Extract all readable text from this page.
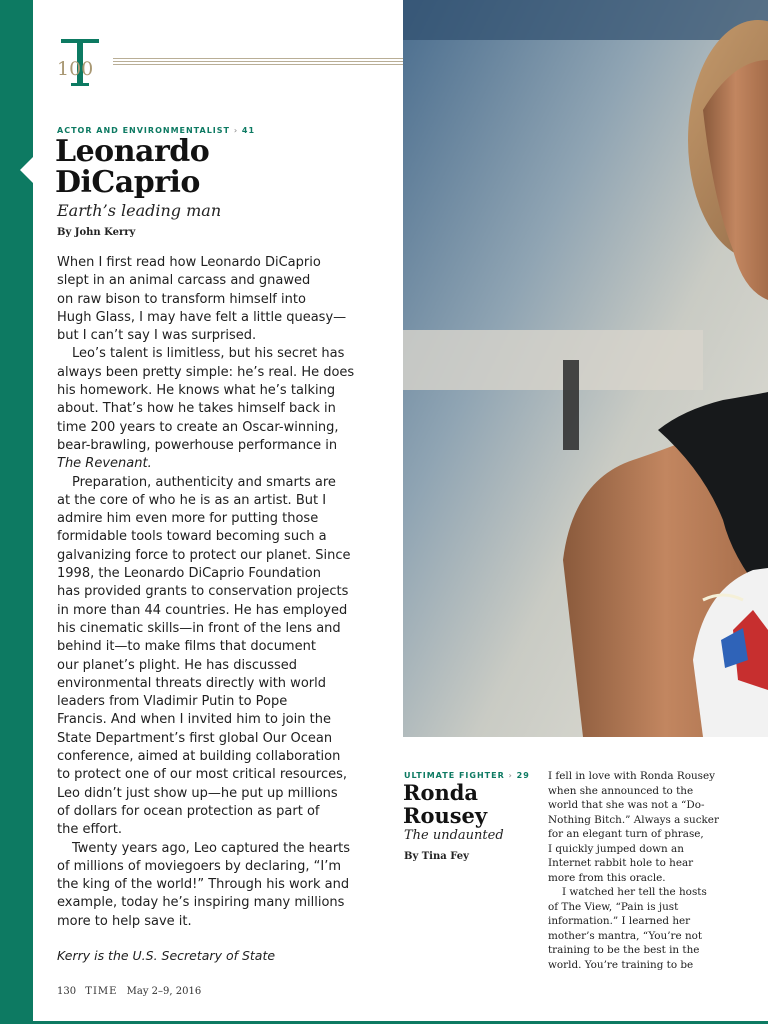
100
ACTOR AND ENVIRONMENTALIST › 41
Leonardo
DiCaprio
Earth’s leading man
By John Kerry

When I first read how Leonardo DiCaprio

slept in an animal carcass and gnawed

on raw bison to transform himself into

Hugh Glass, I may have felt a little queasy—

but I can’t say I was surprised.

Leo’s talent is limitless, but his secret has

always been pretty simple: he’s real. He does

his homework. He knows what he’s talking

about. That’s how he takes himself back in

time 200 years to create an Oscar-winning,

bear-brawling, powerhouse performance in

The Revenant.

Preparation, authenticity and smarts are

at the core of who he is as an artist. But I

admire him even more for putting those

formidable tools toward becoming such a

galvanizing force to protect our planet. Since

1998, the Leonardo DiCaprio Foundation

has provided grants to conservation projects

in more than 44 countries. He has employed

his cinematic skills—in front of the lens and

behind it—to make films that document

our planet’s plight. He has discussed

environmental threats directly with world

leaders from Vladimir Putin to Pope

Francis. And when I invited him to join the

State Department’s first global Our Ocean

conference, aimed at building collaboration

to protect one of our most critical resources,

Leo didn’t just show up—he put up millions

of dollars for ocean protection as part of

the effort.

Twenty years ago, Leo captured the hearts

of millions of moviegoers by declaring, “I’m

the king of the world!” Through his work and

example, today he’s inspiring many millions

more to help save it.

Kerry is the U.S. Secretary of State
130 TIME May 2–9, 2016
ULTIMATE FIGHTER › 29
Ronda
Rousey
The undaunted
By Tina Fey

I fell in love with Ronda Rousey

when she announced to the

world that she was not a “Do-

Nothing Bitch.” Always a sucker

for an elegant turn of phrase,

I quickly jumped down an

Internet rabbit hole to hear

more from this oracle.

I watched her tell the hosts

of The View, “Pain is just

information.” I learned her

mother’s mantra, “You’re not

training to be the best in the

world. You’re training to be
